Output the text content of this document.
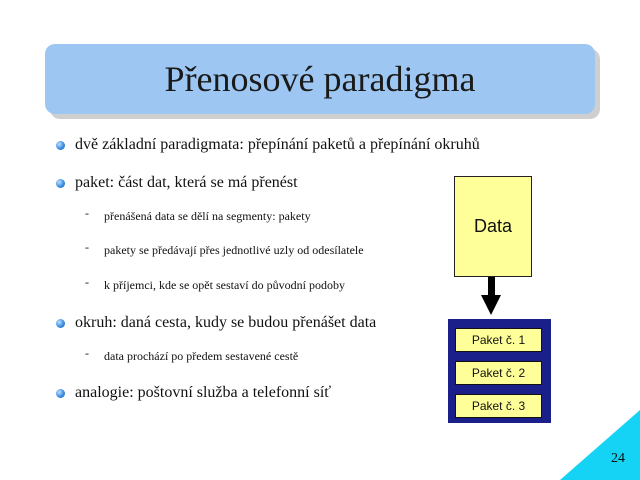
Přenosové paradigma
dvě základní paradigmata: přepínání paketů a přepínání okruhů
paket: část dat, která se má přenést
- přenášená data se dělí na segmenty: pakety
- pakety se předávají přes jednotlivé uzly od odesílatele
- k příjemci, kde se opět sestaví do původní podoby
okruh: daná cesta, kudy se budou přenášet data
- data prochází po předem sestavené cestě
analogie: poštovní služba a telefonní síť
Data
Paket č. 1
Paket č. 2
Paket č. 3
24
